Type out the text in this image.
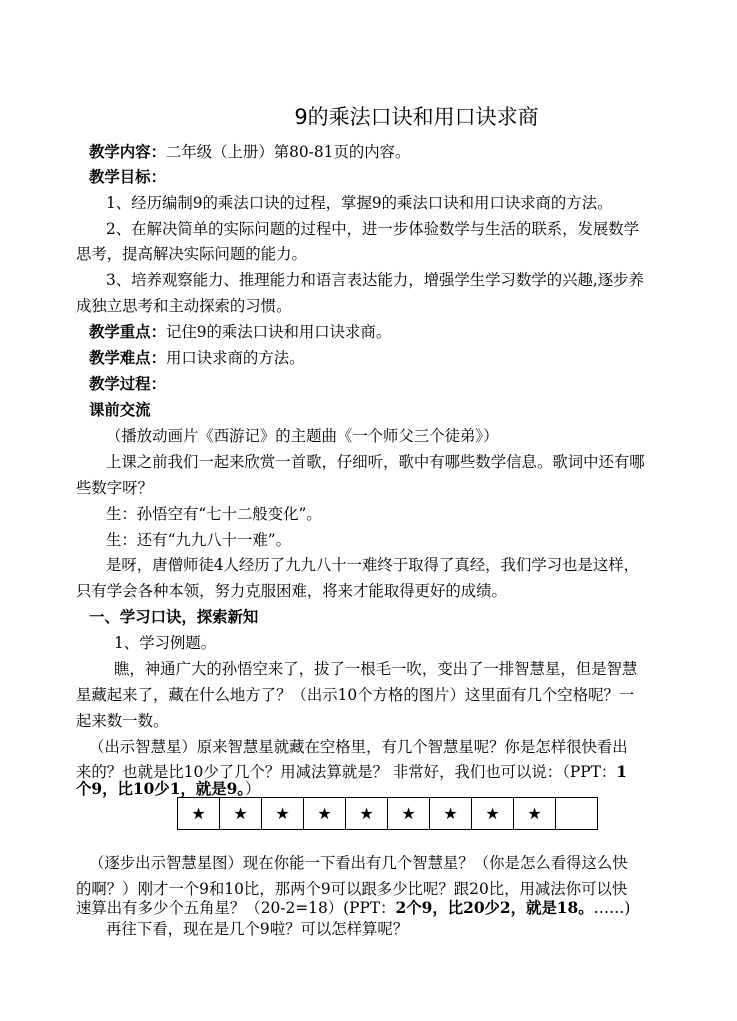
9的乘法口诀和用口诀求商
教学内容：二年级（上册）第80-81页的内容。
教学目标：
1、经历编制9的乘法口诀的过程，掌握9的乘法口诀和用口诀求商的方法。
2、在解决简单的实际问题的过程中，进一步体验数学与生活的联系，发展数学
思考，提高解决实际问题的能力。
3、培养观察能力、推理能力和语言表达能力，增强学生学习数学的兴趣,逐步养
成独立思考和主动探索的习惯。
教学重点：记住9的乘法口诀和用口诀求商。
教学难点：用口诀求商的方法。
教学过程：
课前交流
（播放动画片《西游记》的主题曲《一个师父三个徒弟》）
上课之前我们一起来欣赏一首歌，仔细听，歌中有哪些数学信息。歌词中还有哪
些数字呀？
生：孙悟空有“七十二般变化”。
生：还有“九九八十一难”。
是呀，唐僧师徒4人经历了九九八十一难终于取得了真经，我们学习也是这样，
只有学会各种本领，努力克服困难，将来才能取得更好的成绩。
一、学习口诀，探索新知
1、学习例题。
瞧，神通广大的孙悟空来了，拔了一根毛一吹，变出了一排智慧星，但是智慧
星藏起来了，藏在什么地方了？（出示10个方格的图片）这里面有几个空格呢？一
起来数一数。
（出示智慧星）原来智慧星就藏在空格里，有几个智慧星呢？你是怎样很快看出
来的？也就是比10少了几个？用减法算就是？ 非常好，我们也可以说：（PPT：1
个9，比10少1，就是9。）
★	★	★	★	★	★	★	★	★	
（逐步出示智慧星图）现在你能一下看出有几个智慧星？（你是怎么看得这么快
的啊？）刚才一个9和10比，那两个9可以跟多少比呢？跟20比，用减法你可以快
速算出有多少个五角星？（20-2=18）(PPT：2个9，比20少2，就是18。……)
再往下看，现在是几个9啦？可以怎样算呢？
